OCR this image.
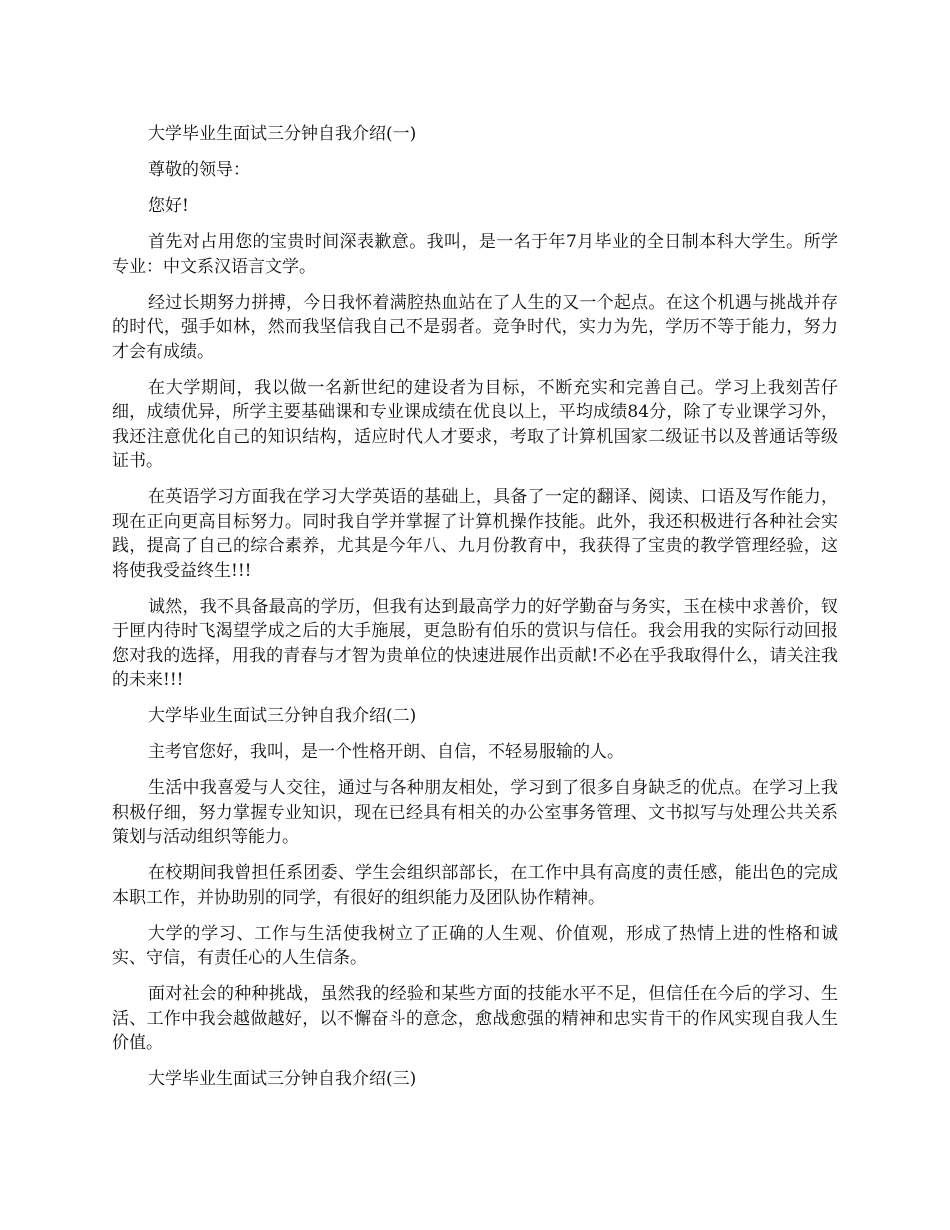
大学毕业生面试三分钟自我介绍(一)

尊敬的领导：

您好!

首先对占用您的宝贵时间深表歉意。我叫，是一名于年7月毕业的全日制本科大学生。所学专业：中文系汉语言文学。

经过长期努力拼搏，今日我怀着满腔热血站在了人生的又一个起点。在这个机遇与挑战并存的时代，强手如林，然而我坚信我自己不是弱者。竞争时代，实力为先，学历不等于能力，努力才会有成绩。

在大学期间，我以做一名新世纪的建设者为目标，不断充实和完善自己。学习上我刻苦仔细，成绩优异，所学主要基础课和专业课成绩在优良以上，平均成绩84分，除了专业课学习外，我还注意优化自己的知识结构，适应时代人才要求，考取了计算机国家二级证书以及普通话等级证书。

在英语学习方面我在学习大学英语的基础上，具备了一定的翻译、阅读、口语及写作能力，现在正向更高目标努力。同时我自学并掌握了计算机操作技能。此外，我还积极进行各种社会实践，提高了自己的综合素养，尤其是今年八、九月份教育中，我获得了宝贵的教学管理经验，这将使我受益终生!!!

诚然，我不具备最高的学历，但我有达到最高学力的好学勤奋与务实，玉在椟中求善价，钗于匣内待时飞渴望学成之后的大手施展，更急盼有伯乐的赏识与信任。我会用我的实际行动回报您对我的选择，用我的青春与才智为贵单位的快速进展作出贡献!不必在乎我取得什么，请关注我的未来!!!

大学毕业生面试三分钟自我介绍(二)

主考官您好，我叫，是一个性格开朗、自信，不轻易服输的人。

生活中我喜爱与人交往，通过与各种朋友相处，学习到了很多自身缺乏的优点。在学习上我积极仔细，努力掌握专业知识，现在已经具有相关的办公室事务管理、文书拟写与处理公共关系策划与活动组织等能力。

在校期间我曾担任系团委、学生会组织部部长，在工作中具有高度的责任感，能出色的完成本职工作，并协助别的同学，有很好的组织能力及团队协作精神。

大学的学习、工作与生活使我树立了正确的人生观、价值观，形成了热情上进的性格和诚实、守信，有责任心的人生信条。

面对社会的种种挑战，虽然我的经验和某些方面的技能水平不足，但信任在今后的学习、生活、工作中我会越做越好，以不懈奋斗的意念，愈战愈强的精神和忠实肯干的作风实现自我人生价值。

大学毕业生面试三分钟自我介绍(三)
